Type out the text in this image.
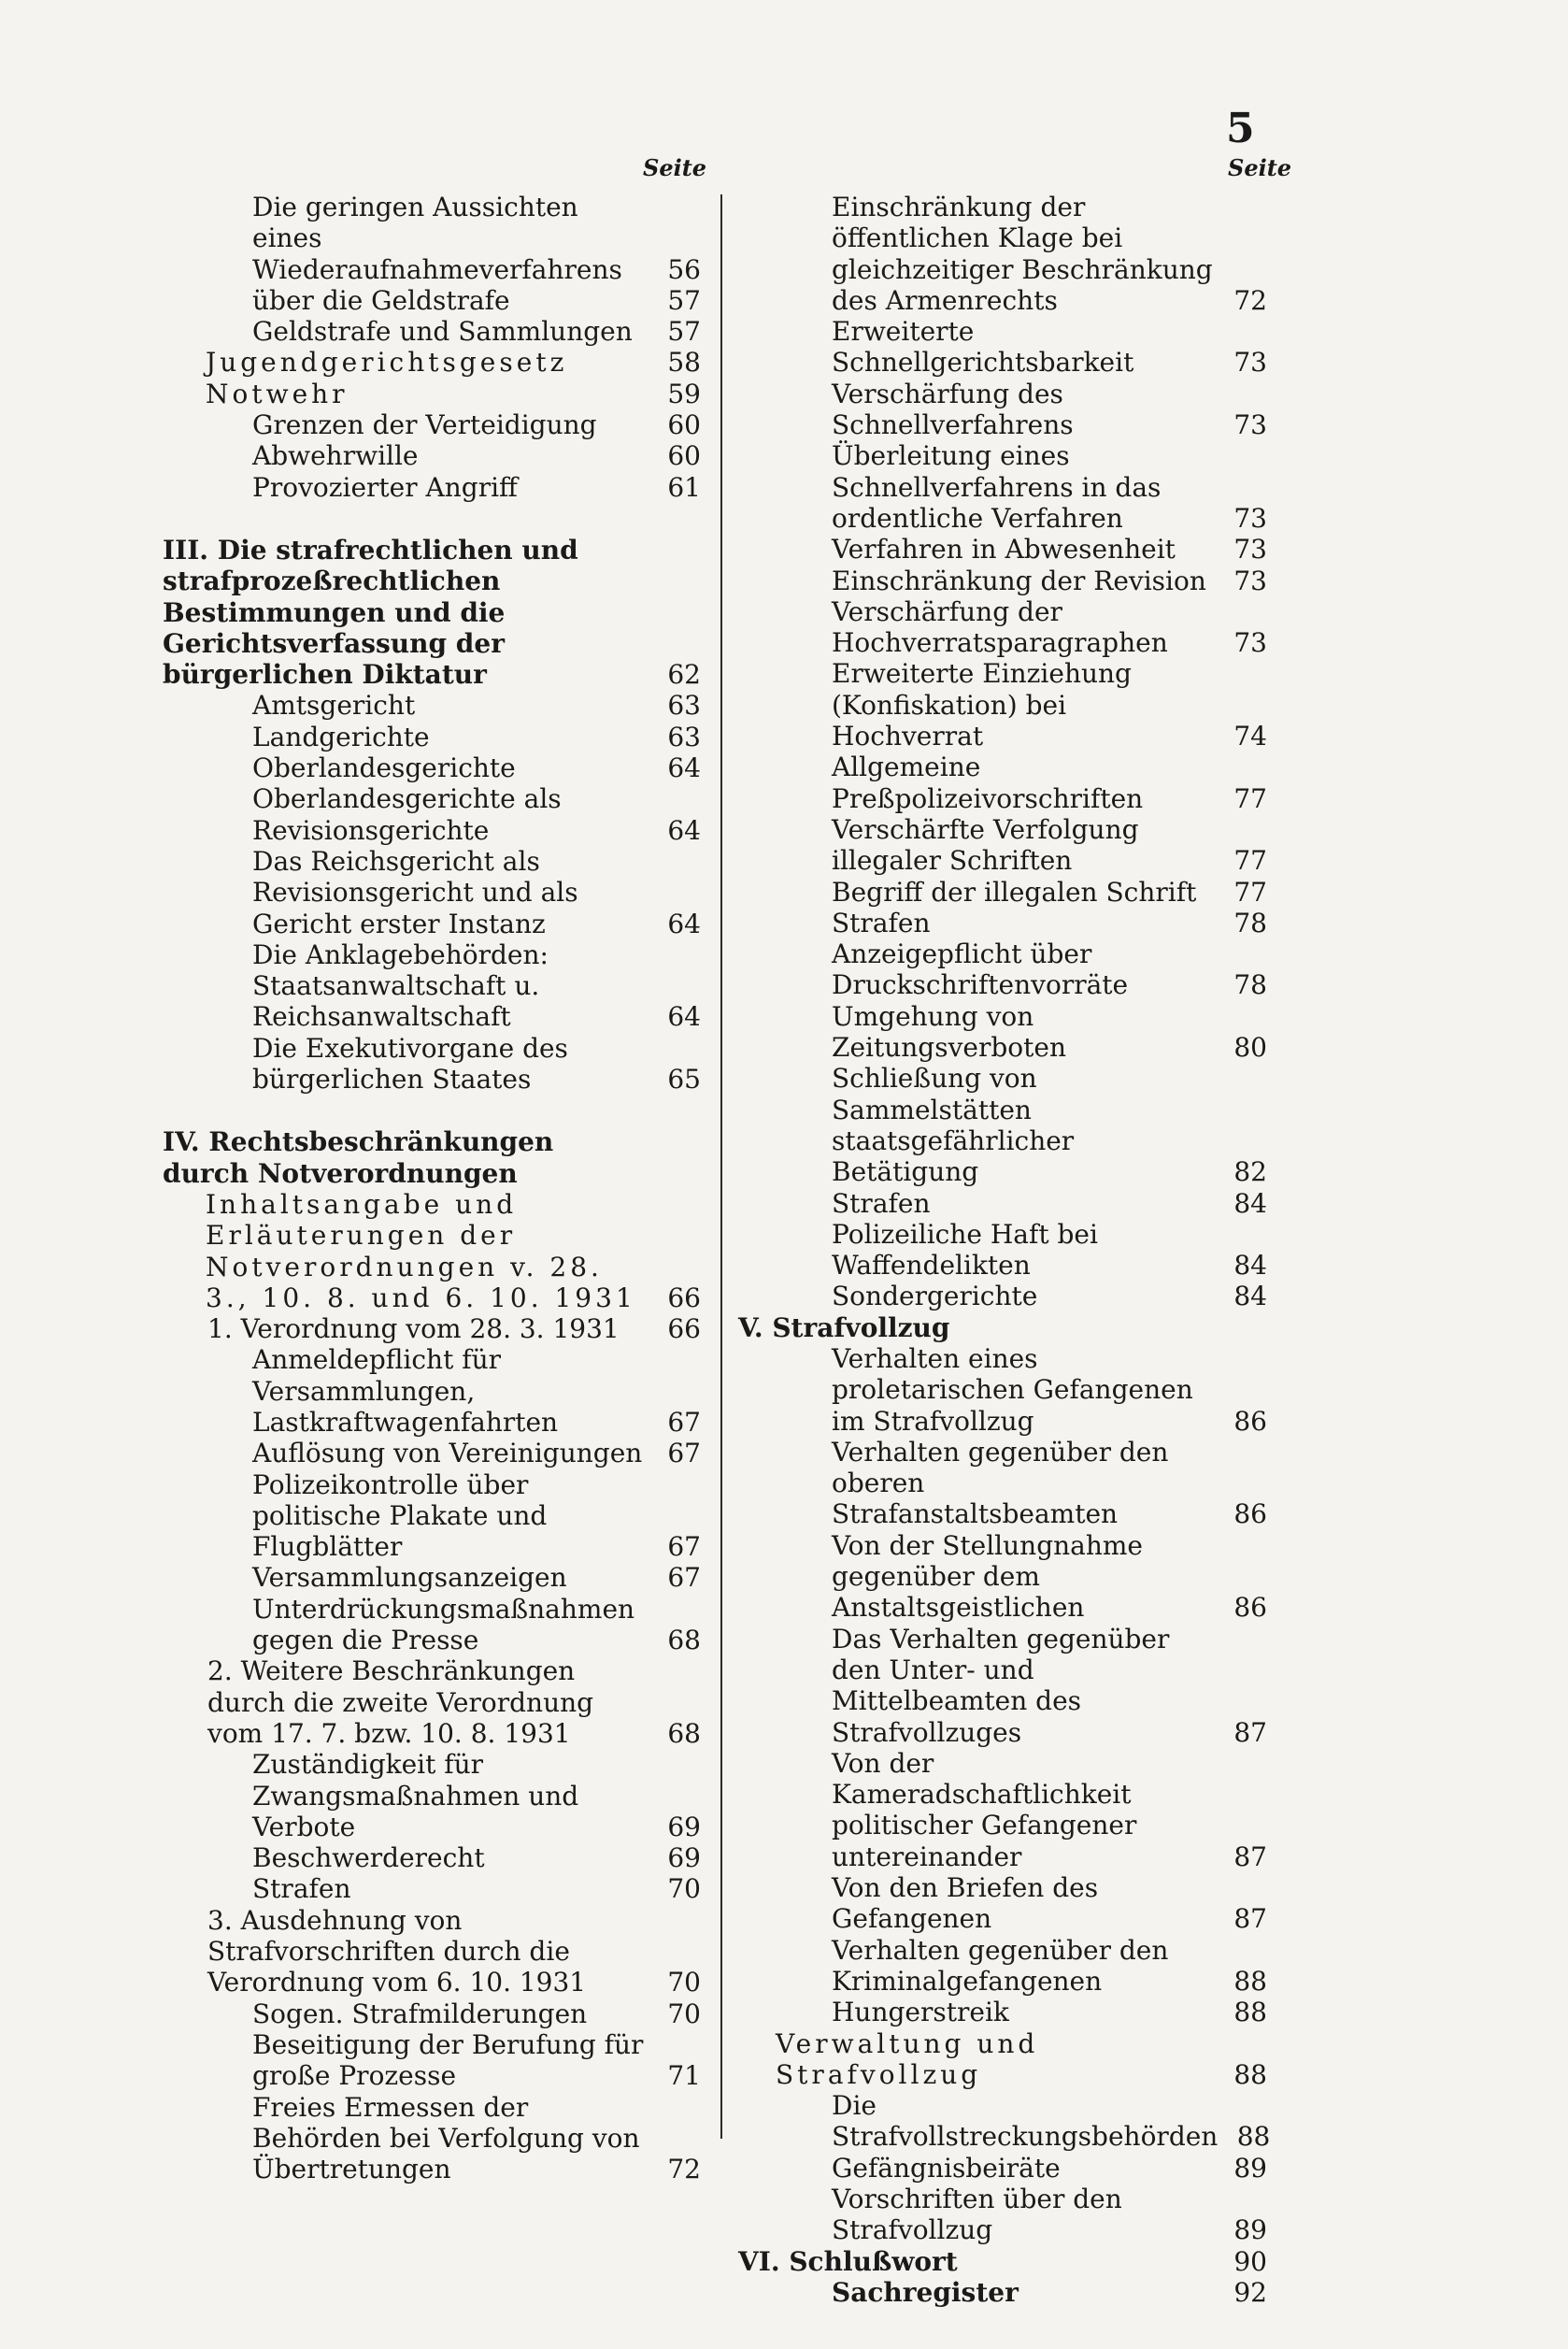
5
Seite	Seite
Die geringen Aussichten eines Wiederaufnahmeverfahrens	56
über die Geldstrafe	57
Geldstrafe und Sammlungen	57
Jugendgerichtsgesetz	58
Notwehr	59
Grenzen der Verteidigung	60
Abwehrwille	60
Provozierter Angriff	61
III. Die strafrechtlichen und strafprozeßrechtlichen Bestimmungen und die Gerichtsverfassung der bürgerlichen Diktatur	62
Amtsgericht	63
Landgerichte	63
Oberlandesgerichte	64
Oberlandesgerichte als Revisionsgerichte	64
Das Reichsgericht als Revisionsgericht und als Gericht erster Instanz	64
Die Anklagebehörden: Staatsanwaltschaft u. Reichsanwaltschaft	64
Die Exekutivorgane des bürgerlichen Staates	65
IV. Rechtsbeschränkungen durch Notverordnungen
Inhaltsangabe und Erläuterungen der Notverordnungen v. 28. 3., 10. 8. und 6. 10. 1931	66
1. Verordnung vom 28. 3. 1931	66
Anmeldepflicht für Versammlungen, Lastkraftwagenfahrten	67
Auflösung von Vereinigungen 67
Polizeikontrolle über politische Plakate und Flugblätter	67
Versammlungsanzeigen	67
Unterdrückungsmaßnahmen gegen die Presse	68
2. Weitere Beschränkungen durch die zweite Verordnung vom 17. 7. bzw. 10. 8. 1931	68
Zuständigkeit für Zwangsmaßnahmen und Verbote	69
Beschwerderecht	69
Strafen	70
3. Ausdehnung von Strafvorschriften durch die Verordnung vom 6. 10. 1931	70
Sogen. Strafmilderungen	70
Beseitigung der Berufung für große Prozesse	71
Freies Ermessen der Behörden bei Verfolgung von Übertretungen	72
Einschränkung der öffentlichen Klage bei gleichzeitiger Beschränkung des Armenrechts	72
Erweiterte Schnellgerichtsbarkeit	73
Verschärfung des Schnellverfahrens	73
Überleitung eines Schnellverfahrens in das ordentliche Verfahren	73
Verfahren in Abwesenheit	73
Einschränkung der Revision	73
Verschärfung der Hochverratsparagraphen	73
Erweiterte Einziehung (Konfiskation) bei Hochverrat	74
Allgemeine Preßpolizeivorschriften	77
Verschärfte Verfolgung illegaler Schriften	77
Begriff der illegalen Schrift	77
Strafen	78
Anzeigepflicht über Druckschriftenvorräte	78
Umgehung von Zeitungsverboten	80
Schließung von Sammelstätten staatsgefährlicher Betätigung	82
Strafen	84
Polizeiliche Haft bei Waffendelikten	84
Sondergerichte	84
V. Strafvollzug
Verhalten eines proletarischen Gefangenen im Strafvollzug	86
Verhalten gegenüber den oberen Strafanstaltsbeamten	86
Von der Stellungnahme gegenüber dem Anstaltsgeistlichen	86
Das Verhalten gegenüber den Unter- und Mittelbeamten des Strafvollzuges	87
Von der Kameradschaftlichkeit politischer Gefangener untereinander	87
Von den Briefen des Gefangenen	87
Verhalten gegenüber den Kriminalgefangenen	88
Hungerstreik	88
Verwaltung und Strafvollzug	88
Die Strafvollstreckungsbehörden 88
Gefängnisbeiräte	89
Vorschriften über den Strafvollzug	89
VI. Schlußwort	90
Sachregister	92
